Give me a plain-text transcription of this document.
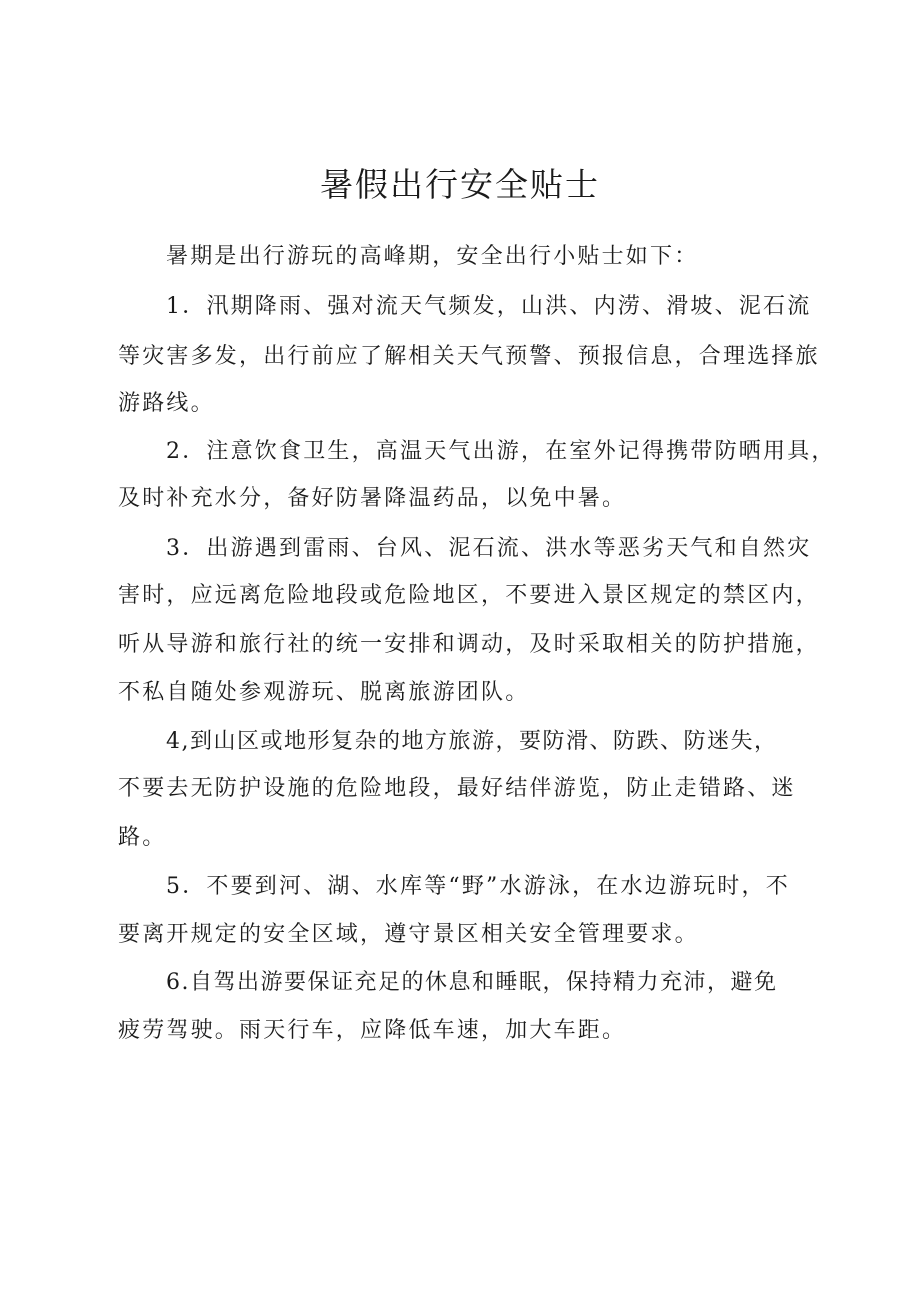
暑假出行安全贴士

暑期是出行游玩的高峰期，安全出行小贴士如下：

1．汛期降雨、强对流天气频发，山洪、内涝、滑坡、泥石流

等灾害多发，出行前应了解相关天气预警、预报信息，合理选择旅

游路线。

2．注意饮食卫生，高温天气出游，在室外记得携带防晒用具，

及时补充水分，备好防暑降温药品，以免中暑。

3．出游遇到雷雨、台风、泥石流、洪水等恶劣天气和自然灾

害时，应远离危险地段或危险地区，不要进入景区规定的禁区内，

听从导游和旅行社的统一安排和调动，及时采取相关的防护措施，

不私自随处参观游玩、脱离旅游团队。

4,到山区或地形复杂的地方旅游，要防滑、防跌、防迷失，

不要去无防护设施的危险地段，最好结伴游览，防止走错路、迷

路。

5．不要到河、湖、水库等“野”水游泳，在水边游玩时，不

要离开规定的安全区域，遵守景区相关安全管理要求。

6.自驾出游要保证充足的休息和睡眠，保持精力充沛，避免

疲劳驾驶。雨天行车，应降低车速，加大车距。
